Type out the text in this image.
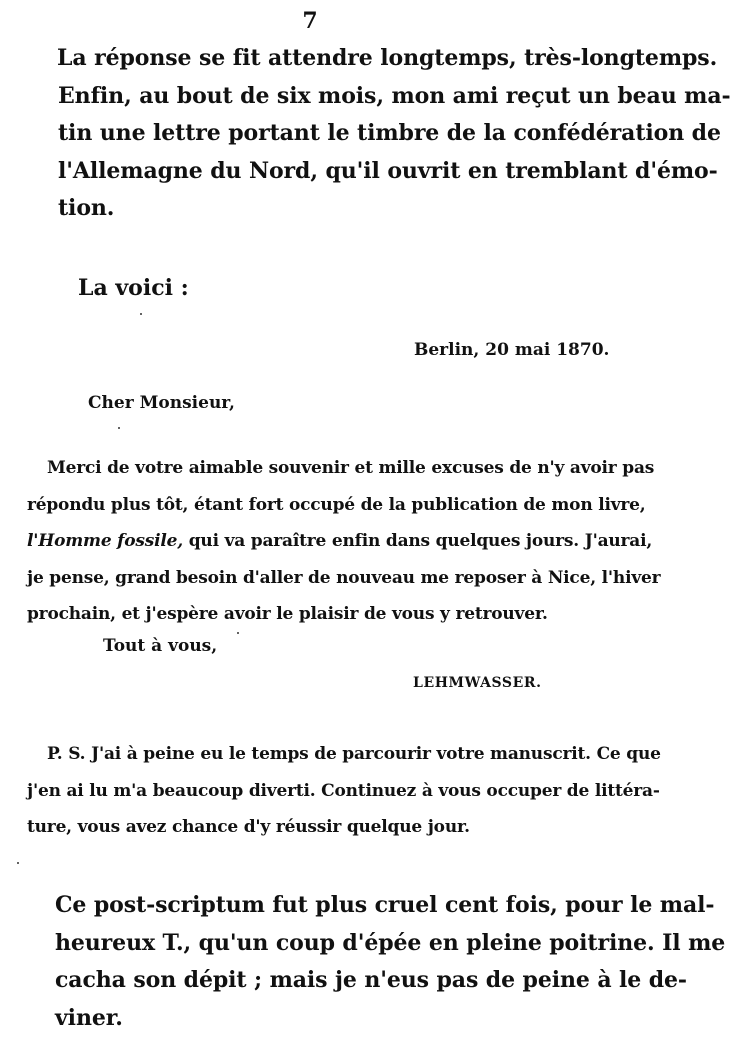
7

La réponse se fit attendre longtemps, très-longtemps.
Enfin, au bout de six mois, mon ami reçut un beau ma-
tin une lettre portant le timbre de la confédération de
l'Allemagne du Nord, qu'il ouvrit en tremblant d'émo-
tion.

La voici :
Berlin, 20 mai 1870.
Cher Monsieur,

Merci de votre aimable souvenir et mille excuses de n'y avoir pas
répondu plus tôt, étant fort occupé de la publication de mon livre,
l'Homme fossile, qui va paraître enfin dans quelques jours. J'aurai,
je pense, grand besoin d'aller de nouveau me reposer à Nice, l'hiver
prochain, et j'espère avoir le plaisir de vous y retrouver.

Tout à vous,
LEHMWASSER.

P. S. J'ai à peine eu le temps de parcourir votre manuscrit. Ce que
j'en ai lu m'a beaucoup diverti. Continuez à vous occuper de littéra-
ture, vous avez chance d'y réussir quelque jour.

Ce post-scriptum fut plus cruel cent fois, pour le mal-
heureux T., qu'un coup d'épée en pleine poitrine. Il me
cacha son dépit ; mais je n'eus pas de peine à le de-
viner.
